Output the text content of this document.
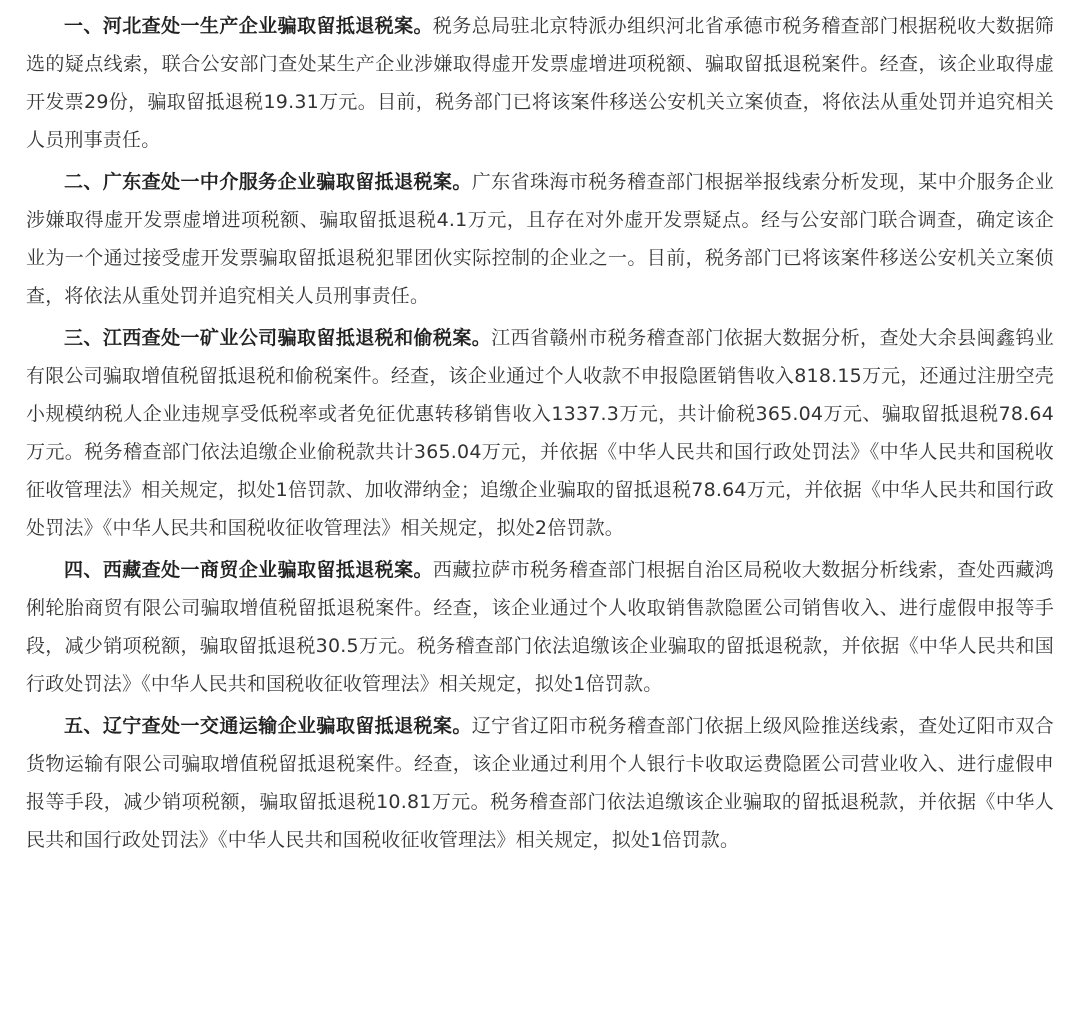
一、河北查处一生产企业骗取留抵退税案。税务总局驻北京特派办组织河北省承德市税务稽查部门根据税收大数据筛选的疑点线索，联合公安部门查处某生产企业涉嫌取得虚开发票虚增进项税额、骗取留抵退税案件。经查，该企业取得虚开发票29份，骗取留抵退税19.31万元。目前，税务部门已将该案件移送公安机关立案侦查，将依法从重处罚并追究相关人员刑事责任。

二、广东查处一中介服务企业骗取留抵退税案。广东省珠海市税务稽查部门根据举报线索分析发现，某中介服务企业涉嫌取得虚开发票虚增进项税额、骗取留抵退税4.1万元，且存在对外虚开发票疑点。经与公安部门联合调查，确定该企业为一个通过接受虚开发票骗取留抵退税犯罪团伙实际控制的企业之一。目前，税务部门已将该案件移送公安机关立案侦查，将依法从重处罚并追究相关人员刑事责任。

三、江西查处一矿业公司骗取留抵退税和偷税案。江西省赣州市税务稽查部门依据大数据分析，查处大余县闽鑫钨业有限公司骗取增值税留抵退税和偷税案件。经查，该企业通过个人收款不申报隐匿销售收入818.15万元，还通过注册空壳小规模纳税人企业违规享受低税率或者免征优惠转移销售收入1337.3万元，共计偷税365.04万元、骗取留抵退税78.64万元。税务稽查部门依法追缴企业偷税款共计365.04万元，并依据《中华人民共和国行政处罚法》《中华人民共和国税收征收管理法》相关规定，拟处1倍罚款、加收滞纳金；追缴企业骗取的留抵退税78.64万元，并依据《中华人民共和国行政处罚法》《中华人民共和国税收征收管理法》相关规定，拟处2倍罚款。

四、西藏查处一商贸企业骗取留抵退税案。西藏拉萨市税务稽查部门根据自治区局税收大数据分析线索，查处西藏鸿俐轮胎商贸有限公司骗取增值税留抵退税案件。经查，该企业通过个人收取销售款隐匿公司销售收入、进行虚假申报等手段，减少销项税额，骗取留抵退税30.5万元。税务稽查部门依法追缴该企业骗取的留抵退税款，并依据《中华人民共和国行政处罚法》《中华人民共和国税收征收管理法》相关规定，拟处1倍罚款。

五、辽宁查处一交通运输企业骗取留抵退税案。辽宁省辽阳市税务稽查部门依据上级风险推送线索，查处辽阳市双合货物运输有限公司骗取增值税留抵退税案件。经查，该企业通过利用个人银行卡收取运费隐匿公司营业收入、进行虚假申报等手段，减少销项税额，骗取留抵退税10.81万元。税务稽查部门依法追缴该企业骗取的留抵退税款，并依据《中华人民共和国行政处罚法》《中华人民共和国税收征收管理法》相关规定，拟处1倍罚款。
